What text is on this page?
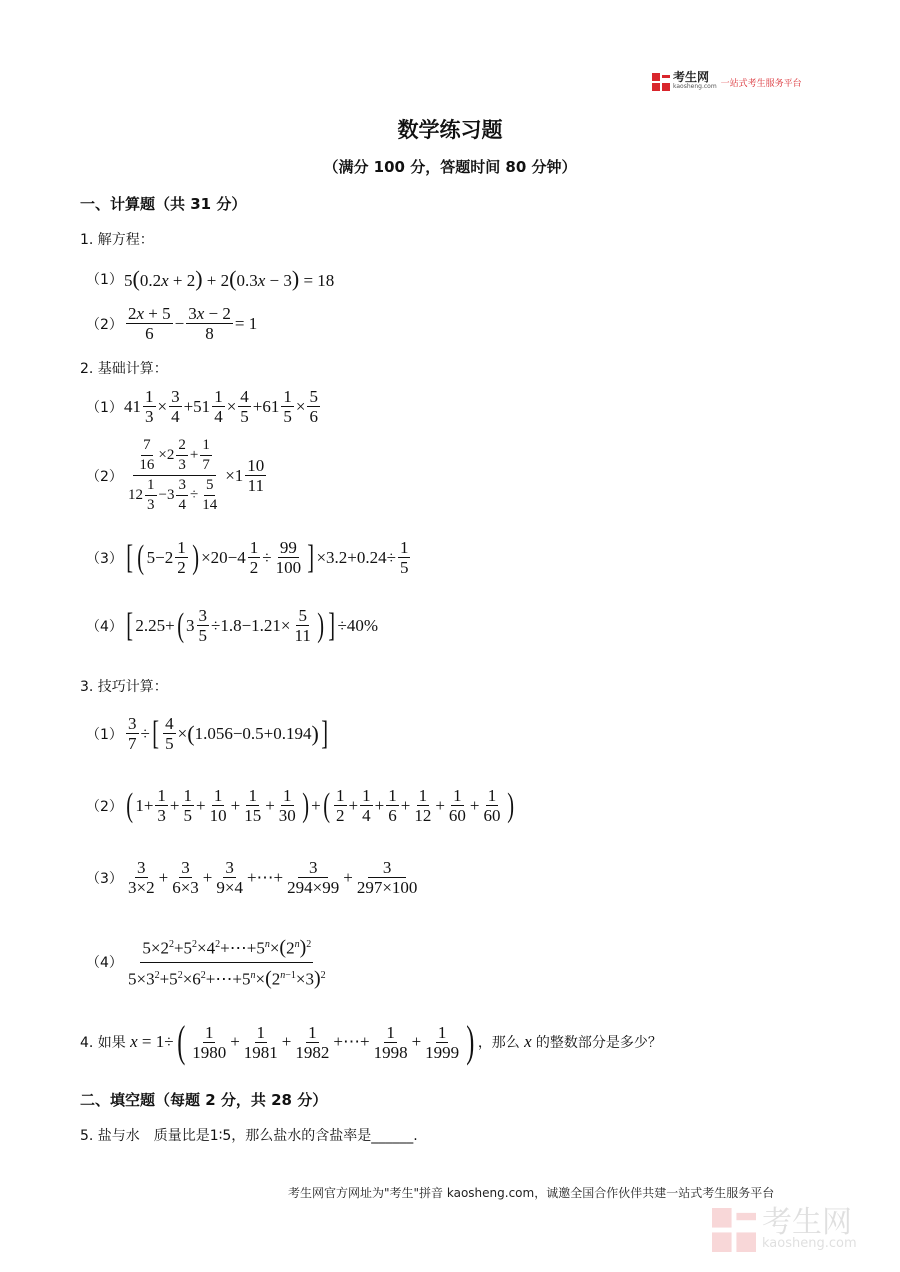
考生网
kaosheng.com 一站式考生服务平台
数学练习题
（满分 100 分，答题时间 80 分钟）
一、计算题（共 31 分）
1. 解方程：
（1） 5(0.2x + 2) + 2(0.3x − 3) = 18
（2）
2x + 5
6
− 3x − 2
8
= 1
2. 基础计算：
（1） 41 1
3
× 3
4
+51 1
4
× 4
5
+61 1
5
× 5
6
（2）
$\frac{7}{16} \times 2 \frac{2}{3} + \frac{1}{7}$
$12 \frac{1}{3} -3 \frac{3}{4} \div \frac{5}{14}$
×1 10
11
（3） [ ( 5−2 1
2 ) ×20−4 1
2
÷ 99
100 ] ×3.2+0.24÷ 1
5
（4） [ 2.25+ ( 3 3
5
÷1.8−1.21× 5
11 ) ] ÷40%
3. 技巧计算：
（1）
3
7
÷ [ 4
5
× ( 1.056−0.5+0.194 ) ]
（2） ( 1+ 1
3
+ 1
5
+ 1
10
+ 1
15
+ 1
30 ) + ( 1
2
+ 1
4
+ 1
6
+ 1
12
+ 1
60
+ 1
60 )
（3）
3
3×2
+ 3
6×3
+ 3
9×4
+⋯+ 3
294×99
+ 3
297×100
（4）
$5\times 2^2+5^2\times 4^2+\cdots+5^n\times(2^n)^2$
$5\times 3^2+5^2\times 6^2+\cdots+5^n\times(2^{n-1}\times 3)^2$
4. 如果
x = 1÷ ( 1
1980
+ 1
1981
+ 1
1982
+⋯+ 1
1998
+ 1
1999 ) ，那么
x
的整数部分是多少？
二、填空题（每题 2 分，共 28 分）
5. 盐与水　质量比是1∶5，那么盐水的含盐率是______.
考生网官方网址为"考生"拼音 kaosheng.com，诚邀全国合作伙伴共建一站式考生服务平台
考生网
kaosheng.com
